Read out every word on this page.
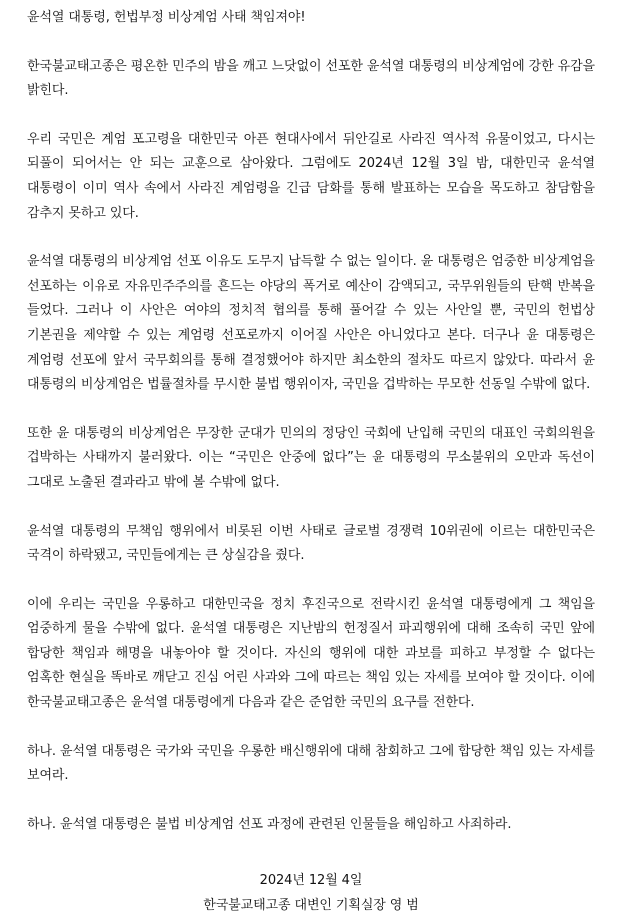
윤석열 대통령, 헌법부정 비상계엄 사태 책임져야!

한국불교태고종은 평온한 민주의 밤을 깨고 느닷없이 선포한 윤석열 대통령의 비상계엄에 강한 유감을 밝힌다.

우리 국민은 계엄 포고령을 대한민국 아픈 현대사에서 뒤안길로 사라진 역사적 유물이었고, 다시는 되풀이 되어서는 안 되는 교훈으로 삼아왔다. 그럼에도 2024년 12월 3일 밤, 대한민국 윤석열 대통령이 이미 역사 속에서 사라진 계엄령을 긴급 담화를 통해 발표하는 모습을 목도하고 참담함을 감추지 못하고 있다.

윤석열 대통령의 비상계엄 선포 이유도 도무지 납득할 수 없는 일이다. 윤 대통령은 엄중한 비상계엄을 선포하는 이유로 자유민주주의를 흔드는 야당의 폭거로 예산이 감액되고, 국무위원들의 탄핵 반복을 들었다. 그러나 이 사안은 여야의 정치적 협의를 통해 풀어갈 수 있는 사안일 뿐, 국민의 헌법상 기본권을 제약할 수 있는 계엄령 선포로까지 이어질 사안은 아니었다고 본다. 더구나 윤 대통령은 계엄령 선포에 앞서 국무회의를 통해 결정했어야 하지만 최소한의 절차도 따르지 않았다. 따라서 윤 대통령의 비상계엄은 법률절차를 무시한 불법 행위이자, 국민을 겁박하는 무모한 선동일 수밖에 없다.

또한 윤 대통령의 비상계엄은 무장한 군대가 민의의 정당인 국회에 난입해 국민의 대표인 국회의원을 겁박하는 사태까지 불러왔다. 이는 “국민은 안중에 없다”는 윤 대통령의 무소불위의 오만과 독선이 그대로 노출된 결과라고 밖에 볼 수밖에 없다.

윤석열 대통령의 무책임 행위에서 비롯된 이번 사태로 글로벌 경쟁력 10위권에 이르는 대한민국은 국격이 하락됐고, 국민들에게는 큰 상실감을 줬다.

이에 우리는 국민을 우롱하고 대한민국을 정치 후진국으로 전락시킨 윤석열 대통령에게 그 책임을 엄중하게 물을 수밖에 없다. 윤석열 대통령은 지난밤의 헌정질서 파괴행위에 대해 조속히 국민 앞에 합당한 책임과 해명을 내놓아야 할 것이다. 자신의 행위에 대한 과보를 피하고 부정할 수 없다는 엄혹한 현실을 똑바로 깨닫고 진심 어린 사과와 그에 따르는 책임 있는 자세를 보여야 할 것이다. 이에 한국불교태고종은 윤석열 대통령에게 다음과 같은 준엄한 국민의 요구를 전한다.

하나. 윤석열 대통령은 국가와 국민을 우롱한 배신행위에 대해 참회하고 그에 합당한 책임 있는 자세를 보여라.

하나. 윤석열 대통령은 불법 비상계엄 선포 과정에 관련된 인물들을 해임하고 사죄하라.

2024년 12월 4일
한국불교태고종 대변인 기획실장 영 범
